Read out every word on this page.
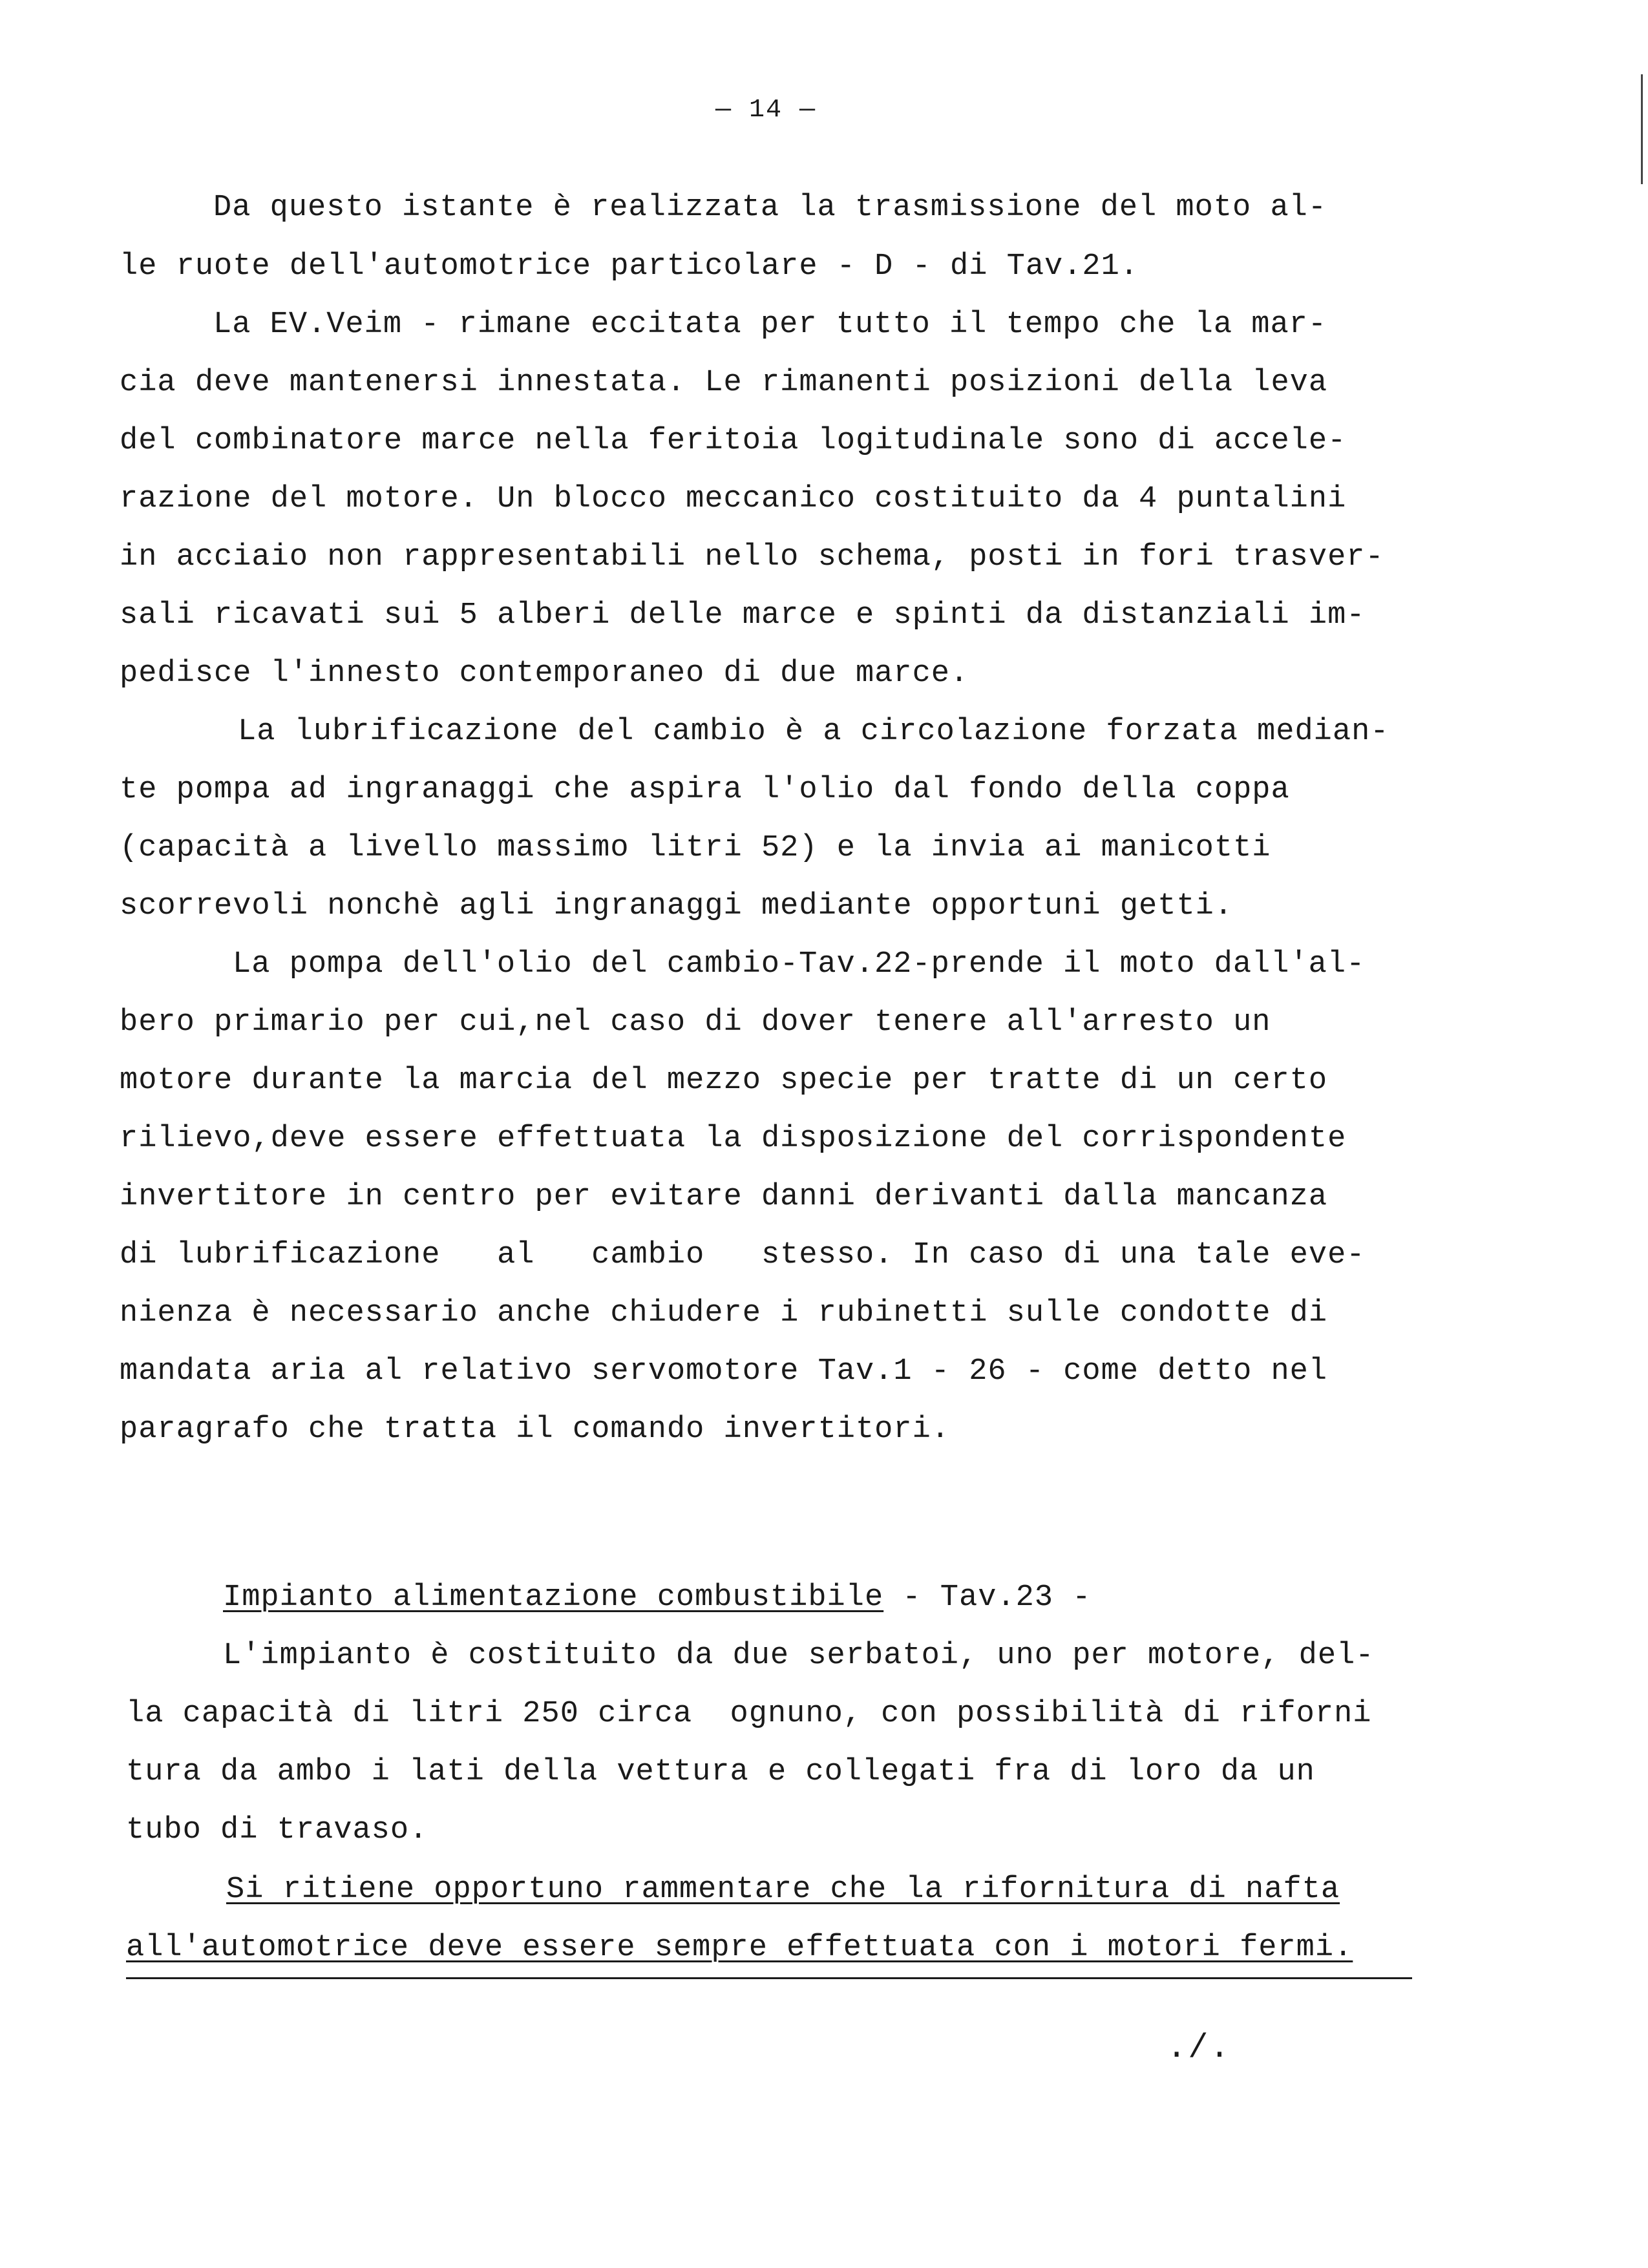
— 14 —
Da questo istante è realizzata la trasmissione del moto al-
le ruote dell'automotrice particolare - D - di Tav.21.
La EV.Veim - rimane eccitata per tutto il tempo che la mar-
cia deve mantenersi innestata. Le rimanenti posizioni della leva
del combinatore marce nella feritoia logitudinale sono di accele-
razione del motore. Un blocco meccanico costituito da 4 puntalini
in acciaio non rappresentabili nello schema, posti in fori trasver-
sali ricavati sui 5 alberi delle marce e spinti da distanziali im-
pedisce l'innesto contemporaneo di due marce.
La lubrificazione del cambio è a circolazione forzata median-
te pompa ad ingranaggi che aspira l'olio dal fondo della coppa
(capacità a livello massimo litri 52) e la invia ai manicotti
scorrevoli nonchè agli ingranaggi mediante opportuni getti.
La pompa dell'olio del cambio-Tav.22-prende il moto dall'al-
bero primario per cui,nel caso di dover tenere all'arresto un
motore durante la marcia del mezzo specie per tratte di un certo
rilievo,deve essere effettuata la disposizione del corrispondente
invertitore in centro per evitare danni derivanti dalla mancanza
di lubrificazione   al   cambio   stesso. In caso di una tale eve-
nienza è necessario anche chiudere i rubinetti sulle condotte di
mandata aria al relativo servomotore Tav.1 - 26 - come detto nel
paragrafo che tratta il comando invertitori.
Impianto alimentazione combustibile - Tav.23 -
L'impianto è costituito da due serbatoi, uno per motore, del-
la capacità di litri 250 circa  ognuno, con possibilità di riforni
tura da ambo i lati della vettura e collegati fra di loro da un
tubo di travaso.
Si ritiene opportuno rammentare che la rifornitura di nafta
all'automotrice deve essere sempre effettuata con i motori fermi.
./.
